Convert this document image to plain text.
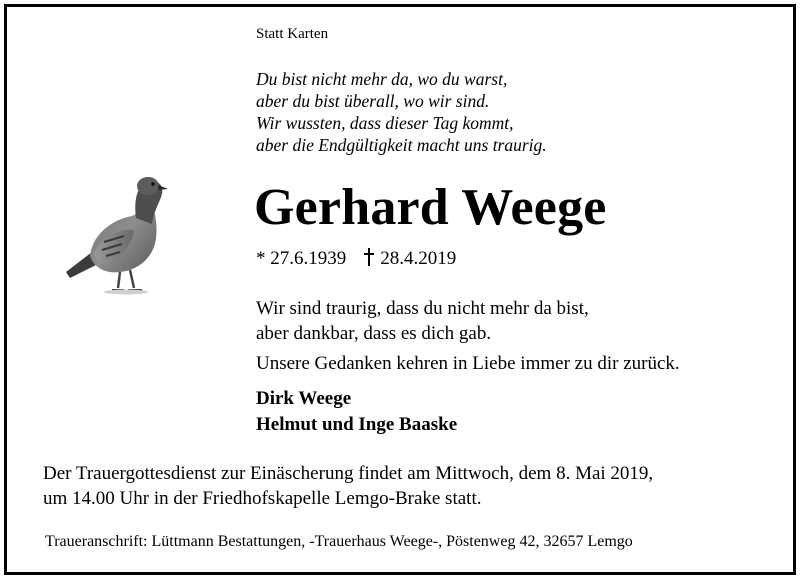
Statt Karten
Du bist nicht mehr da, wo du warst,
aber du bist überall, wo wir sind.
Wir wussten, dass dieser Tag kommt,
aber die Endgültigkeit macht uns traurig.
Gerhard Weege
* 27.6.1939 28.4.2019
Wir sind traurig, dass du nicht mehr da bist,
aber dankbar, dass es dich gab.
Unsere Gedanken kehren in Liebe immer zu dir zurück.
Dirk Weege
Helmut und Inge Baaske
Der Trauergottesdienst zur Einäscherung findet am Mittwoch, dem 8. Mai 2019,
um 14.00 Uhr in der Friedhofskapelle Lemgo-Brake statt.
Traueranschrift: Lüttmann Bestattungen, -Trauerhaus Weege-, Pöstenweg 42, 32657 Lemgo
